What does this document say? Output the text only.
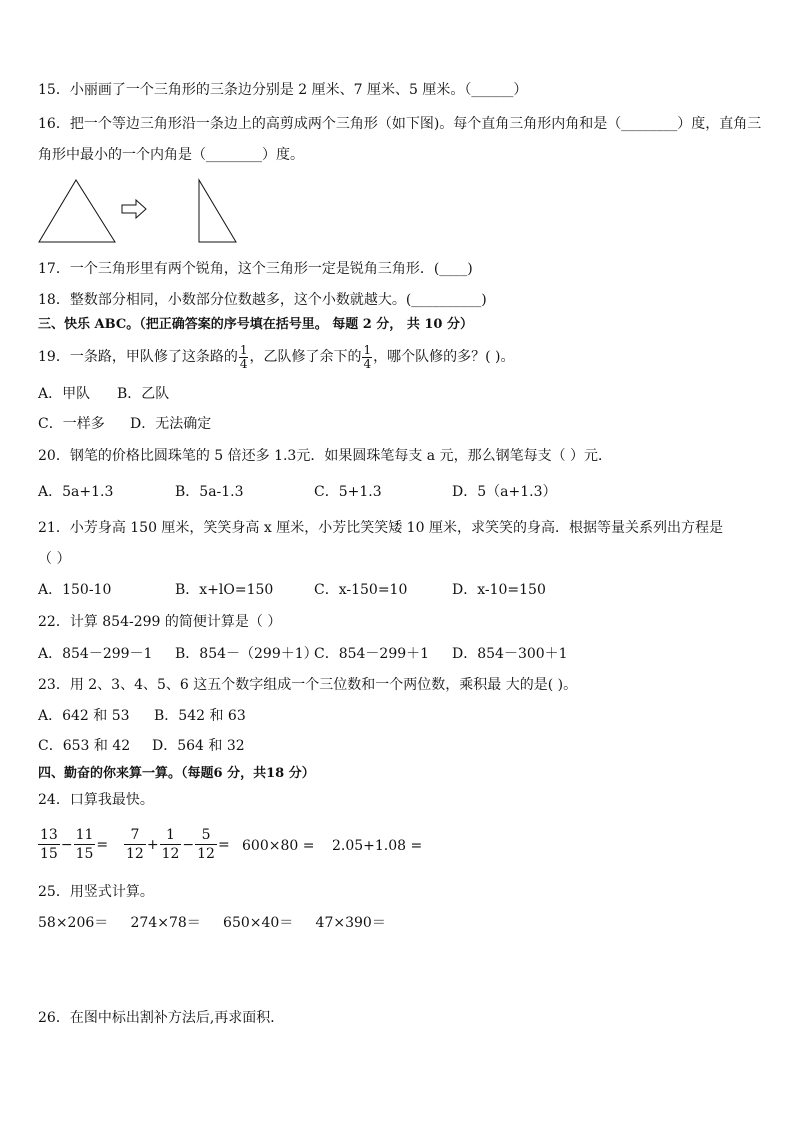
15．小丽画了一个三角形的三条边分别是 2 厘米、7 厘米、5 厘米。（______）
16．把一个等边三角形沿一条边上的高剪成两个三角形（如下图)。每个直角三角形内角和是（________）度，直角三
角形中最小的一个内角是（________）度。
17．一个三角形里有两个锐角，这个三角形一定是锐角三角形．(____)
18．整数部分相同，小数部分位数越多，这个小数就越大。(__________)
三、快乐 ABC。（把正确答案的序号填在括号里。 每题 2 分， 共 10 分）
19．一条路，甲队修了这条路的 $\frac{1}{4}$ ，乙队修了余下的 $\frac{1}{4}$ ，哪个队修的多？( )。
A．甲队 B．乙队
C．一样多 D．无法确定
20．钢笔的价格比圆珠笔的 5 倍还多 1.3元．如果圆珠笔每支 a 元，那么钢笔每支（ ）元．
A．5a+1.3	B．5a-1.3	C．5+1.3	D．5（a+1.3）
21．小芳身高 150 厘米，笑笑身高 x 厘米，小芳比笑笑矮 10 厘米，求笑笑的身高．根据等量关系列出方程是
（ ）
A．150-10	B．x+lO=150	C．x-150=10	D．x-10=150
22．计算 854-299 的简便计算是（ ）
A．854－299－1 B．854－（299＋1）
C．854－299＋1 D．854－300＋1
23．用 2、3、4、5、6 这五个数字组成一个三位数和一个两位数，乘积最 大的是( )。
A．642 和 53 B．542 和 63
C．653 和 42 D．564 和 32
四、勤奋的你来算一算。（每题6 分，共18 分）
24．口算我最快。
$\frac{13}{15} - \frac{11}{15} = \frac{7}{12} + \frac{1}{12} - \frac{5}{12} = 600\times 80 = 2.05+1.08$ =
25．用竖式计算。
58×206＝     274×78＝     650×40＝     47×390＝
26．在图中标出割补方法后,再求面积．
